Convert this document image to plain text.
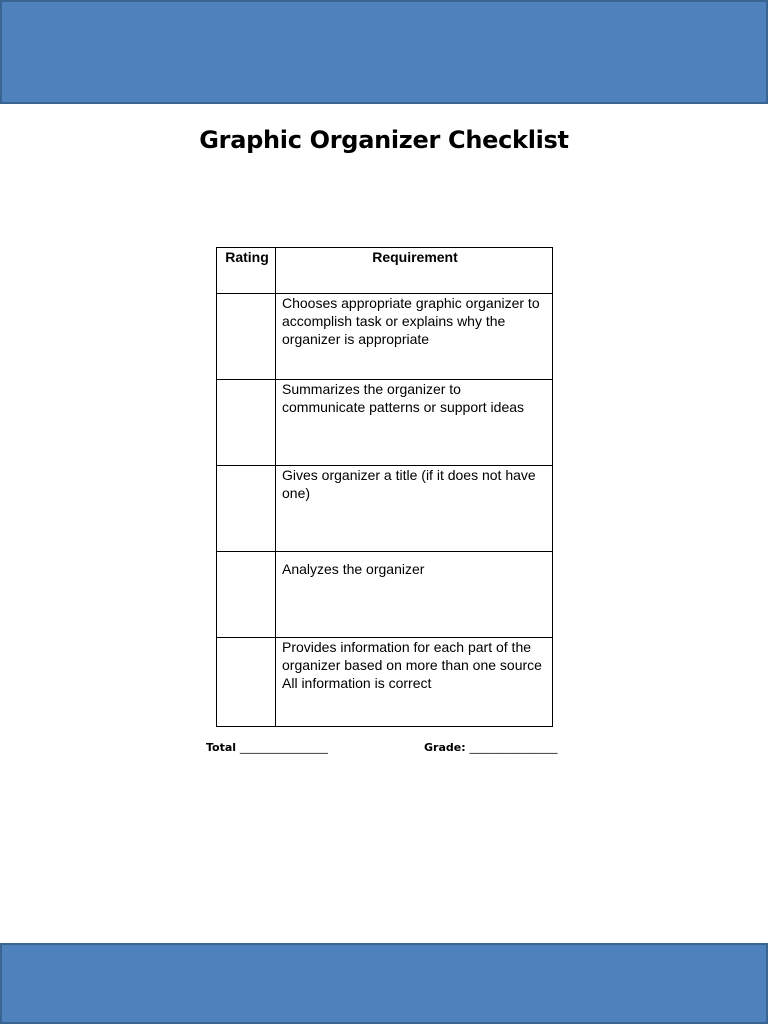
Graphic Organizer Checklist
Rating	Requirement

	Chooses appropriate graphic organizer to accomplish task or explains why the organizer is appropriate

	Summarizes the organizer to communicate patterns or support ideas

	Gives organizer a title (if it does not have one)

	Analyzes the organizer

	Provides information for each part of the organizer based on more than one source
All information is correct
Total ________________	Grade: ________________
